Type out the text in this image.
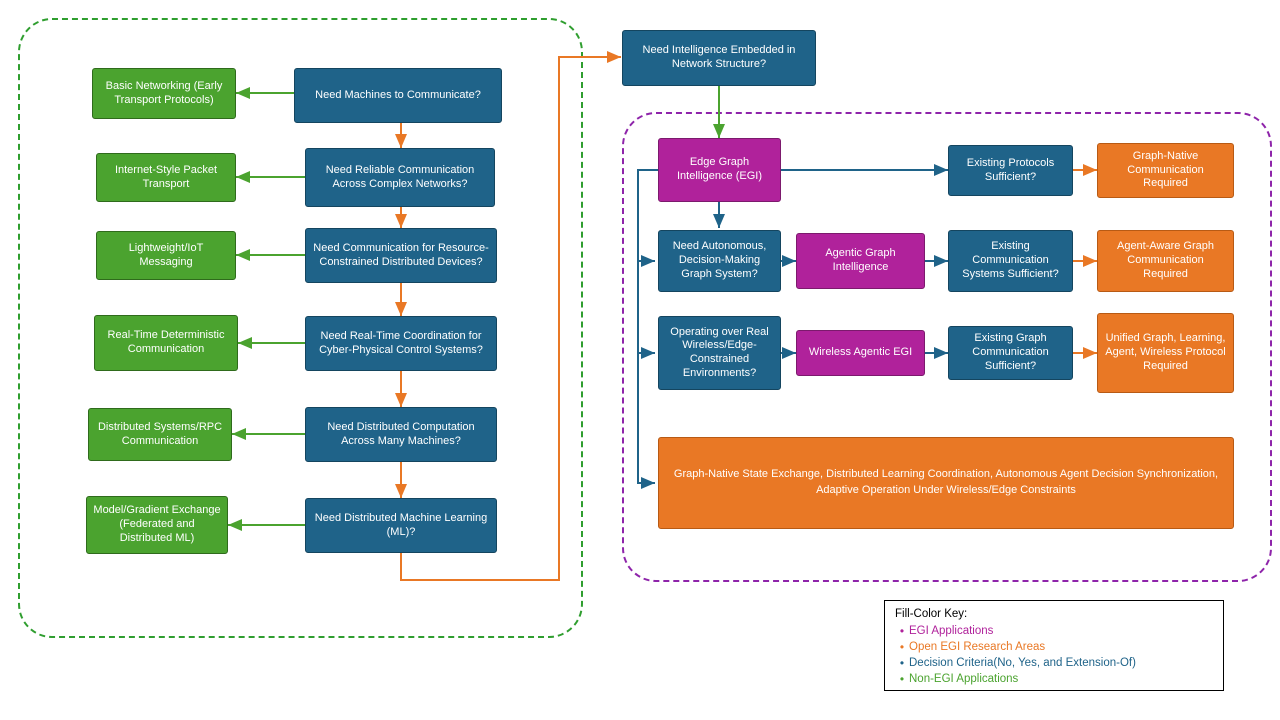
Basic Networking (Early Transport Protocols)
Internet-Style Packet Transport
Lightweight/IoT Messaging
Real-Time Deterministic Communication
Distributed Systems/RPC Communication
Model/Gradient Exchange (Federated and Distributed ML)
Need Machines to Communicate?
Need Reliable Communication Across Complex Networks?
Need Communication for Resource-Constrained Distributed Devices?
Need Real-Time Coordination for Cyber-Physical Control Systems?
Need Distributed Computation Across Many Machines?
Need Distributed Machine Learning (ML)?
Need Intelligence Embedded in Network Structure?
Edge Graph Intelligence (EGI)
Existing Protocols Sufficient?
Graph-Native Communication Required
Need Autonomous, Decision-Making Graph System?
Agentic Graph Intelligence
Existing Communication Systems Sufficient?
Agent-Aware Graph Communication Required
Operating over Real Wireless/Edge-Constrained Environments?
Wireless Agentic EGI
Existing Graph Communication Sufficient?
Unified Graph, Learning, Agent, Wireless Protocol Required
Graph-Native State Exchange, Distributed Learning Coordination, Autonomous Agent Decision Synchronization,
Adaptive Operation Under Wireless/Edge Constraints
Fill-Color Key:
• EGI Applications
• Open EGI Research Areas
• Decision Criteria (No, Yes, and Extension-Of)
• Non-EGI Applications
